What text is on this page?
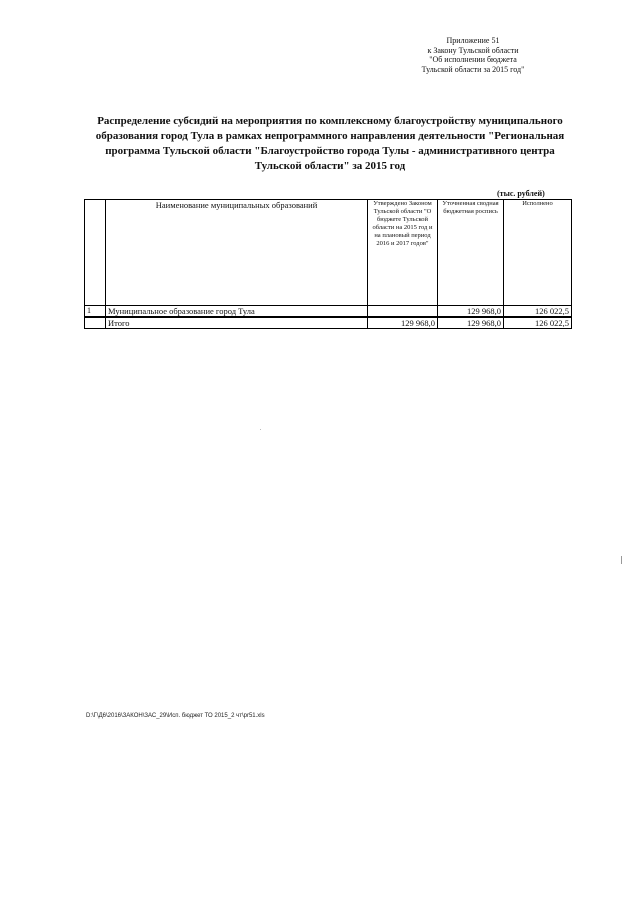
Приложение 51
к Закону Тульской области
"Об исполнении бюджета
Тульской области за 2015 год"
Распределение субсидий на мероприятия по комплексному благоустройству муниципального образования город Тула в рамках непрограммного направления деятельности "Региональная программа Тульской области "Благоустройство города Тулы - административного центра Тульской области" за 2015 год
(тыс. рублей)
	Наименование муниципальных образований	Утверждено Законом Тульской области "О бюджете Тульской области на 2015 год и на плановый период 2016 и 2017 годов"	Уточненная сводная бюджетная роспись	Исполнено
1	Муниципальное образование город Тула		129 968,0	126 022,5
	Итого	129 968,0	129 968,0	126 022,5
D:\Г\Д6\2016\ЗАКОН\ЗАС_29\Исп. бюджет ТО 2015_2 чт\pr51.xls
